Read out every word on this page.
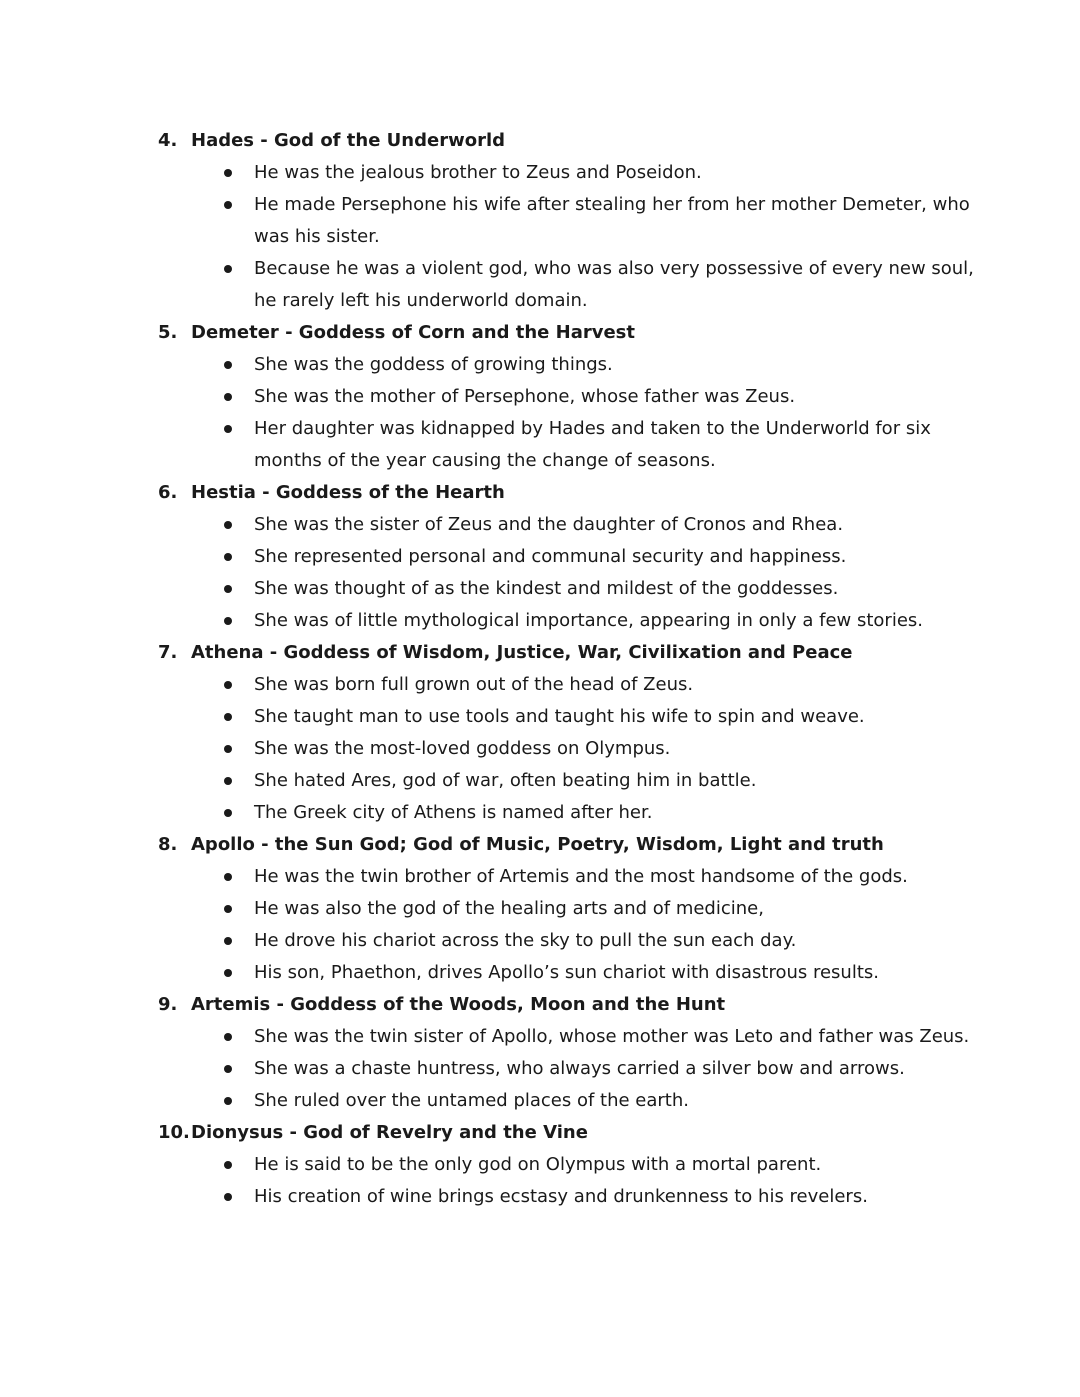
4. Hades - God of the Underworld
He was the jealous brother to Zeus and Poseidon.
He made Persephone his wife after stealing her from her mother Demeter, who was his sister.
Because he was a violent god, who was also very possessive of every new soul, he rarely left his underworld domain.
5. Demeter - Goddess of Corn and the Harvest
She was the goddess of growing things.
She was the mother of Persephone, whose father was Zeus.
Her daughter was kidnapped by Hades and taken to the Underworld for six months of the year causing the change of seasons.
6. Hestia - Goddess of the Hearth
She was the sister of Zeus and the daughter of Cronos and Rhea.
She represented personal and communal security and happiness.
She was thought of as the kindest and mildest of the goddesses.
She was of little mythological importance, appearing in only a few stories.
7. Athena - Goddess of Wisdom, Justice, War, Civilixation and Peace
She was born full grown out of the head of Zeus.
She taught man to use tools and taught his wife to spin and weave.
She was the most-loved goddess on Olympus.
She hated Ares, god of war, often beating him in battle.
The Greek city of Athens is named after her.
8. Apollo - the Sun God; God of Music, Poetry, Wisdom, Light and truth
He was the twin brother of Artemis and the most handsome of the gods.
He was also the god of the healing arts and of medicine,
He drove his chariot across the sky to pull the sun each day.
His son, Phaethon, drives Apollo’s sun chariot with disastrous results.
9. Artemis - Goddess of the Woods, Moon and the Hunt
She was the twin sister of Apollo, whose mother was Leto and father was Zeus.
She was a chaste huntress, who always carried a silver bow and arrows.
She ruled over the untamed places of the earth.
10.Dionysus - God of Revelry and the Vine
He is said to be the only god on Olympus with a mortal parent.
His creation of wine brings ecstasy and drunkenness to his revelers.
